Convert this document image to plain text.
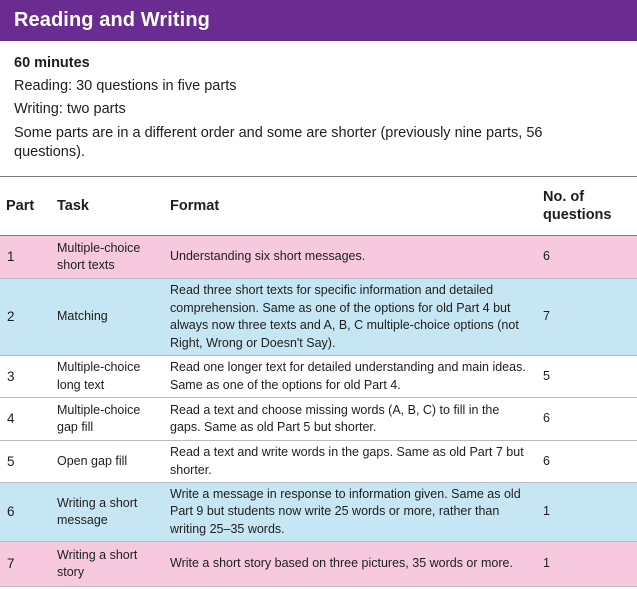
Reading and Writing
60 minutes
Reading: 30 questions in five parts
Writing: two parts
Some parts are in a different order and some are shorter (previously nine parts, 56 questions).
Part	Task	Format	No. of questions
1	Multiple-choice short texts	Understanding six short messages.	6
2	Matching	Read three short texts for specific information and detailed comprehension. Same as one of the options for old Part 4 but always now three texts and A, B, C multiple-choice options (not Right, Wrong or Doesn't Say).	7
3	Multiple-choice long text	Read one longer text for detailed understanding and main ideas. Same as one of the options for old Part 4.	5
4	Multiple-choice gap fill	Read a text and choose missing words (A, B, C) to fill in the gaps. Same as old Part 5 but shorter.	6
5	Open gap fill	Read a text and write words in the gaps. Same as old Part 7 but shorter.	6
6	Writing a short message	Write a message in response to information given. Same as old Part 9 but students now write 25 words or more, rather than writing 25–35 words.	1
7	Writing a short story	Write a short story based on three pictures, 35 words or more.	1
